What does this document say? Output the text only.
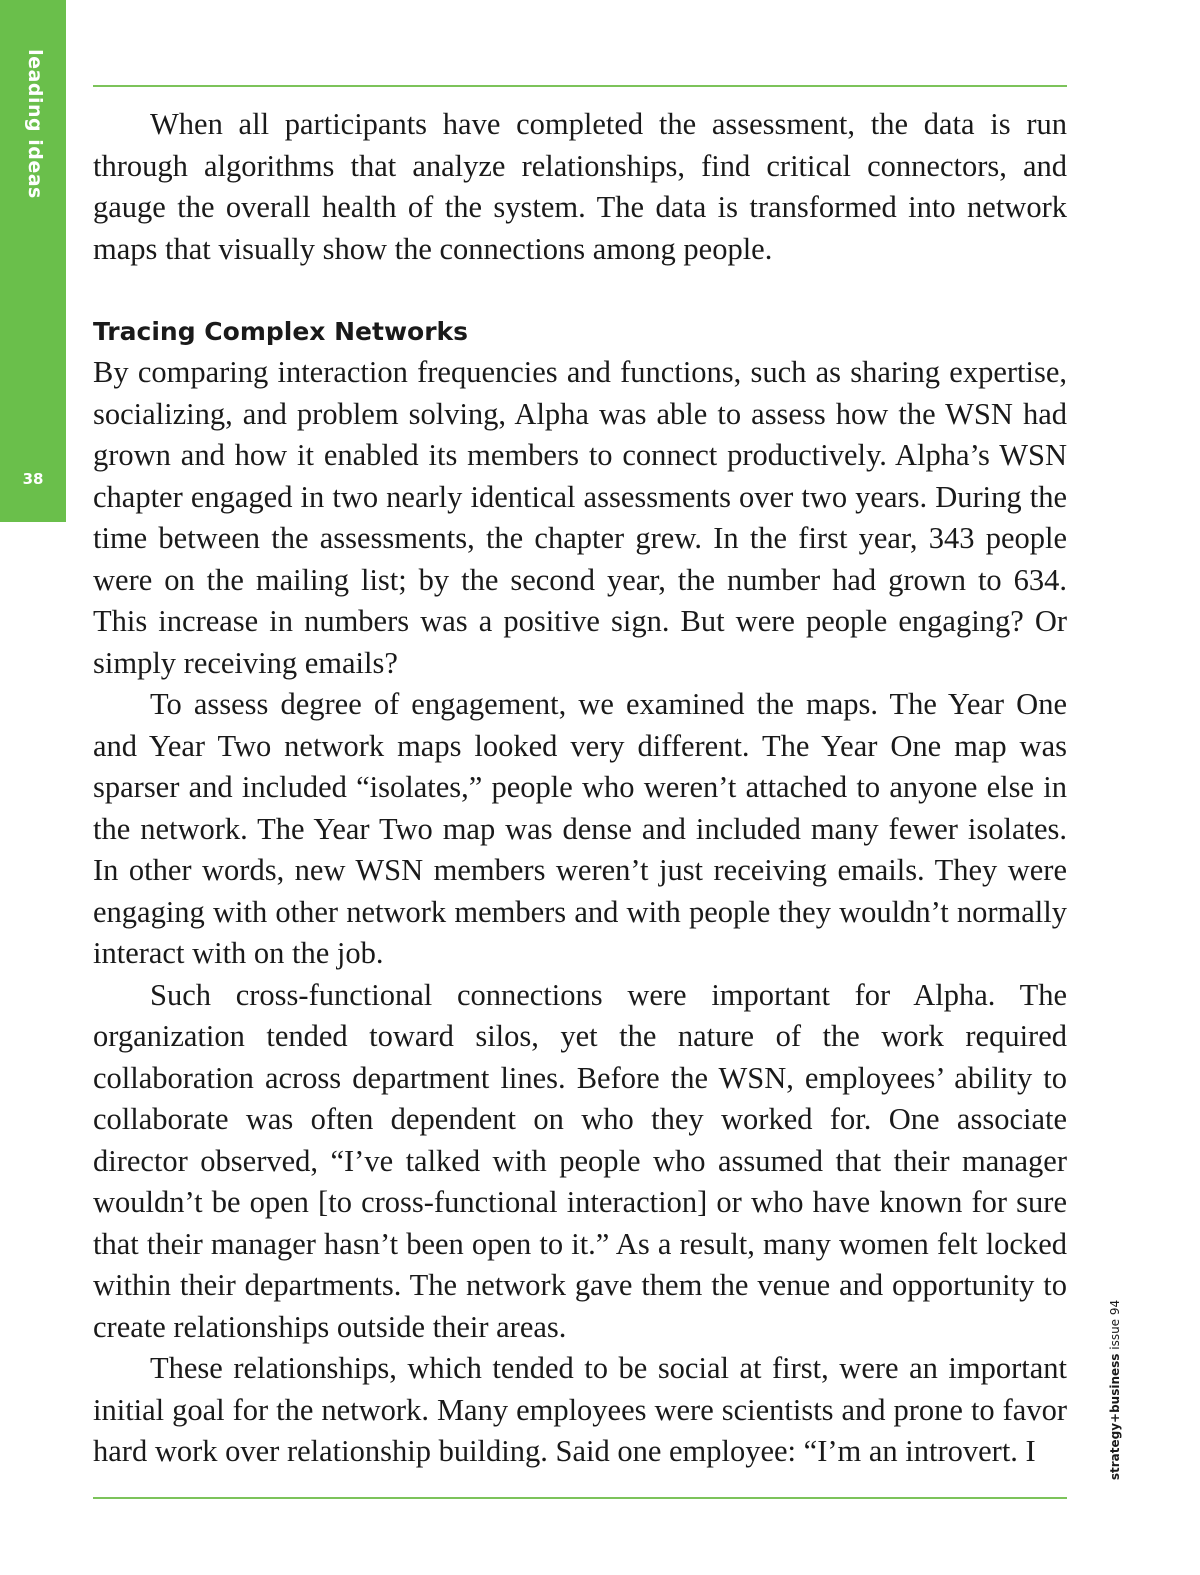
leading ideas
38

When all participants have completed the assessment, the data is run through algorithms that analyze relationships, find critical connectors, and gauge the overall health of the system. The data is transformed into network maps that visually show the connections among people.

Tracing Complex Networks

By comparing interaction frequencies and functions, such as sharing expertise, socializing, and problem solving, Alpha was able to assess how the WSN had grown and how it enabled its members to connect productively. Alpha’s WSN chapter engaged in two nearly identical assessments over two years. During the time between the assessments, the chapter grew. In the first year, 343 people were on the mailing list; by the second year, the number had grown to 634. This increase in numbers was a positive sign. But were people engaging? Or simply receiving emails?

To assess degree of engagement, we examined the maps. The Year One and Year Two network maps looked very different. The Year One map was sparser and included “isolates,” people who weren’t attached to anyone else in the network. The Year Two map was dense and included many fewer isolates. In other words, new WSN members weren’t just receiving emails. They were engaging with other network members and with people they wouldn’t normally interact with on the job.

Such cross-functional connections were important for Alpha. The organization tended toward silos, yet the nature of the work required collaboration across department lines. Before the WSN, employees’ ability to collaborate was often dependent on who they worked for. One associate director observed, “I’ve talked with people who assumed that their manager wouldn’t be open [to cross-functional interaction] or who have known for sure that their manager hasn’t been open to it.” As a result, many women felt locked within their departments. The network gave them the venue and opportunity to create relationships outside their areas.

These relationships, which tended to be social at first, were an important initial goal for the network. Many employees were scientists and prone to favor hard work over relationship building. Said one employee: “I’m an introvert. I	strategy+business issue 94
